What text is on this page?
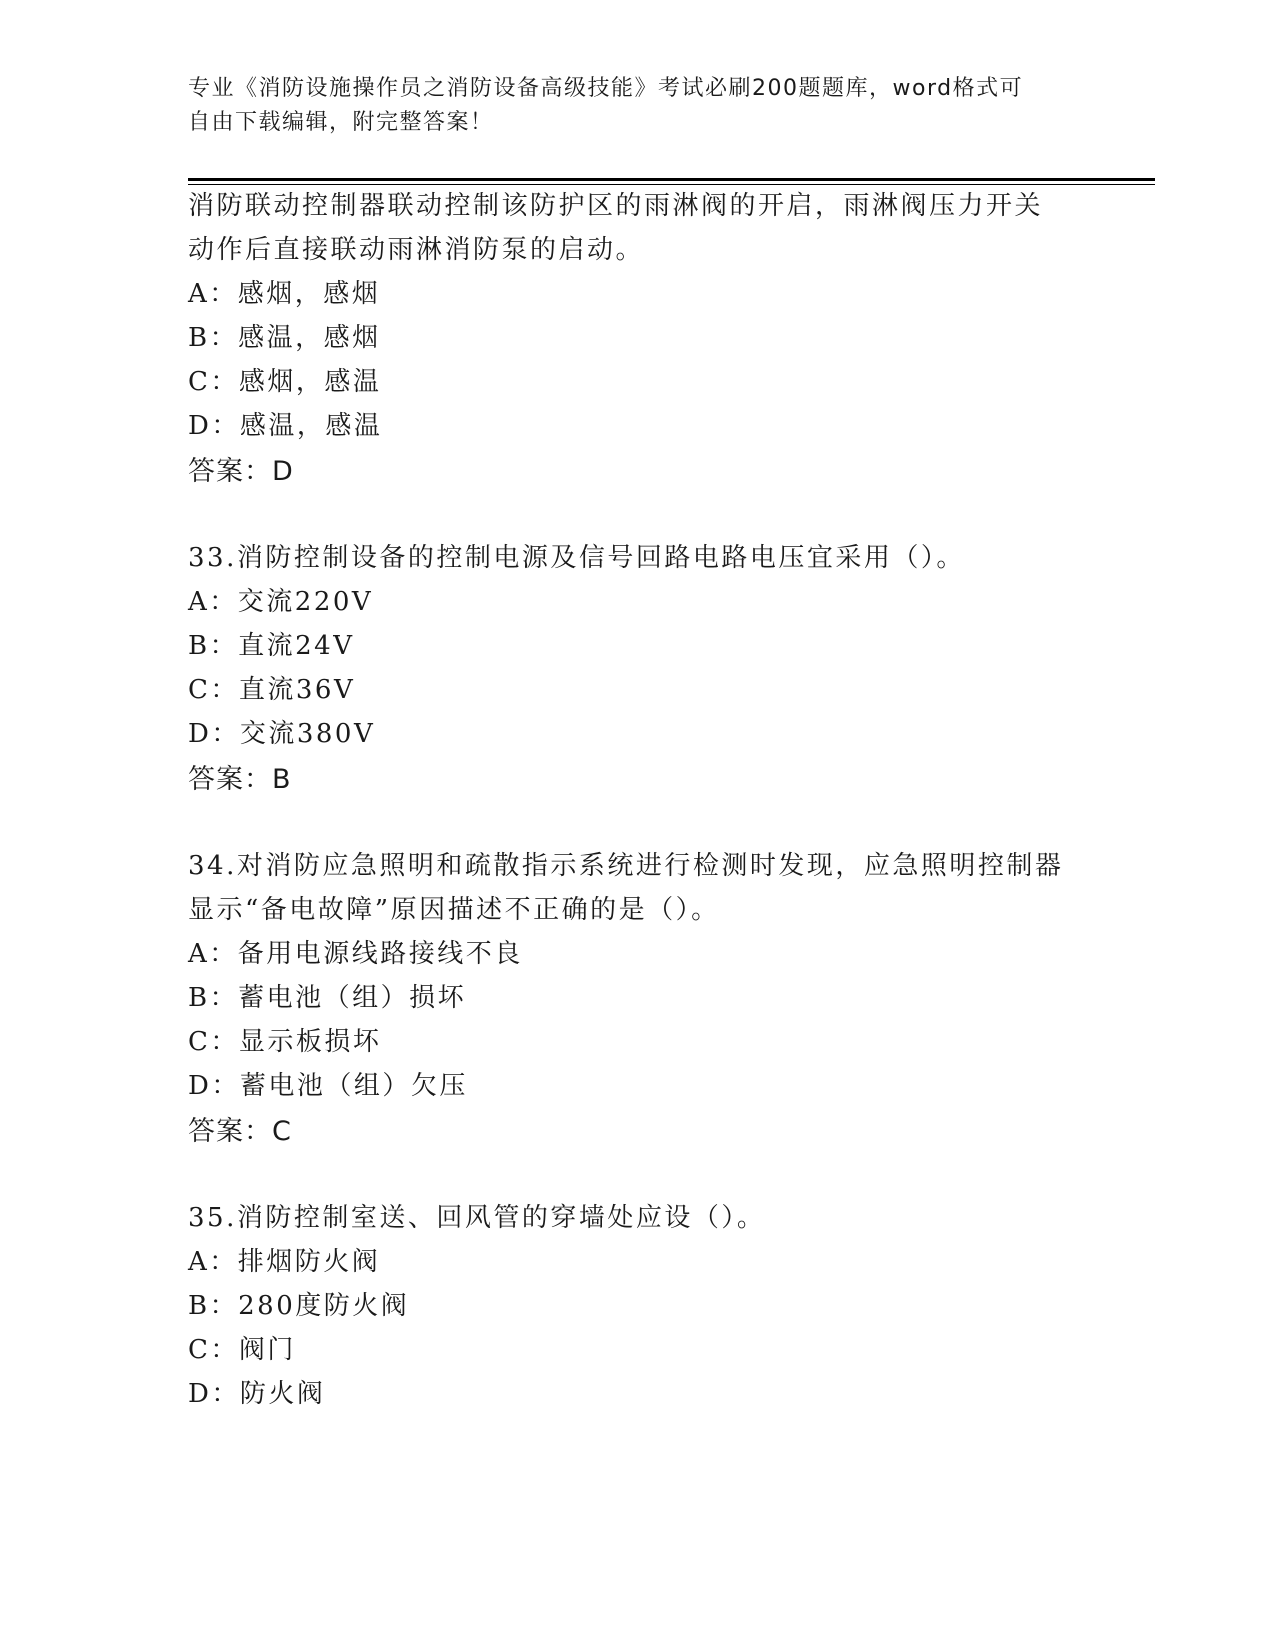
专业《消防设施操作员之消防设备高级技能》考试必刷200题题库，word格式可
自由下载编辑，附完整答案！
消防联动控制器联动控制该防护区的雨淋阀的开启，雨淋阀压力开关
动作后直接联动雨淋消防泵的启动。
A：感烟，感烟
B：感温，感烟
C：感烟，感温
D：感温，感温
答案：D
33.消防控制设备的控制电源及信号回路电路电压宜采用（）。
A：交流220V
B：直流24V
C：直流36V
D：交流380V
答案：B
34.对消防应急照明和疏散指示系统进行检测时发现，应急照明控制器
显示“备电故障”原因描述不正确的是（）。
A：备用电源线路接线不良
B：蓄电池（组）损坏
C：显示板损坏
D：蓄电池（组）欠压
答案：C
35.消防控制室送、回风管的穿墙处应设（）。
A：排烟防火阀
B：280度防火阀
C：阀门
D：防火阀
